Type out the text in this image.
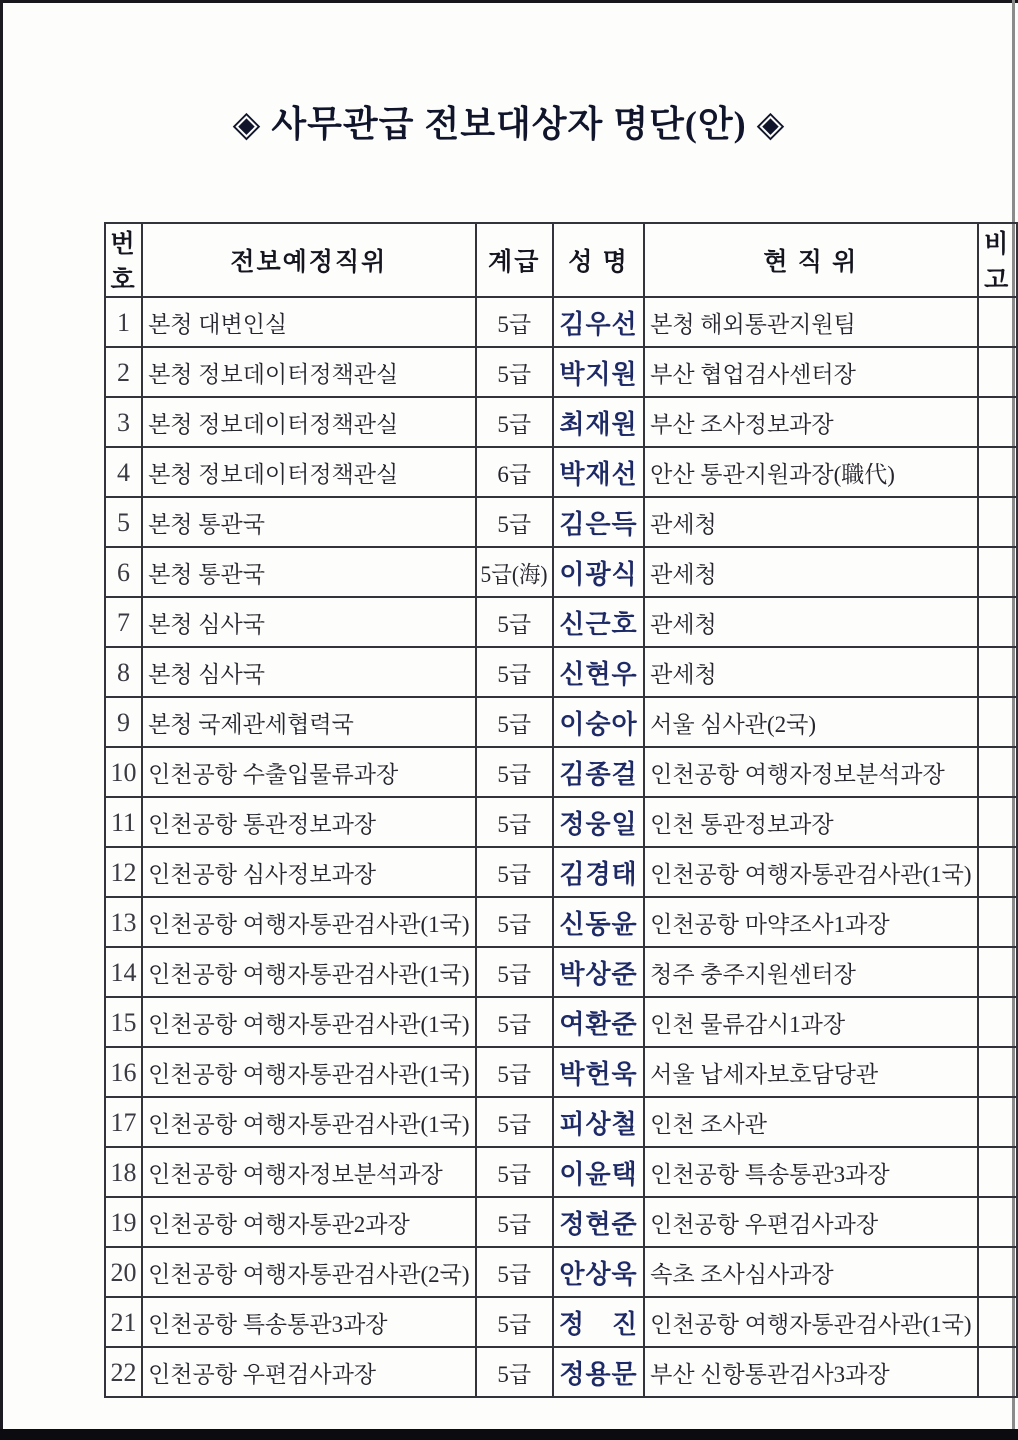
◈ 사무관급 전보대상자 명단(안) ◈
번호	전보예정직위	계급	성 명	현 직 위	비 고
1	본청 대변인실	5급	김우선	본청 해외통관지원팀	
2	본청 정보데이터정책관실	5급	박지원	부산 협업검사센터장	
3	본청 정보데이터정책관실	5급	최재원	부산 조사정보과장	
4	본청 정보데이터정책관실	6급	박재선	안산 통관지원과장(職代)	
5	본청 통관국	5급	김은득	관세청	
6	본청 통관국	5급(海)	이광식	관세청	
7	본청 심사국	5급	신근호	관세청	
8	본청 심사국	5급	신현우	관세청	
9	본청 국제관세협력국	5급	이숭아	서울 심사관(2국)	
10	인천공항 수출입물류과장	5급	김종걸	인천공항 여행자정보분석과장	
11	인천공항 통관정보과장	5급	정웅일	인천 통관정보과장	
12	인천공항 심사정보과장	5급	김경태	인천공항 여행자통관검사관(1국)	
13	인천공항 여행자통관검사관(1국)	5급	신동윤	인천공항 마약조사1과장	
14	인천공항 여행자통관검사관(1국)	5급	박상준	청주 충주지원센터장	
15	인천공항 여행자통관검사관(1국)	5급	여환준	인천 물류감시1과장	
16	인천공항 여행자통관검사관(1국)	5급	박헌욱	서울 납세자보호담당관	
17	인천공항 여행자통관검사관(1국)	5급	피상철	인천 조사관	
18	인천공항 여행자정보분석과장	5급	이윤택	인천공항 특송통관3과장	
19	인천공항 여행자통관2과장	5급	정현준	인천공항 우편검사과장	
20	인천공항 여행자통관검사관(2국)	5급	안상욱	속초 조사심사과장	
21	인천공항 특송통관3과장	5급	정　진	인천공항 여행자통관검사관(1국)	
22	인천공항 우편검사과장	5급	정용문	부산 신항통관검사3과장	
